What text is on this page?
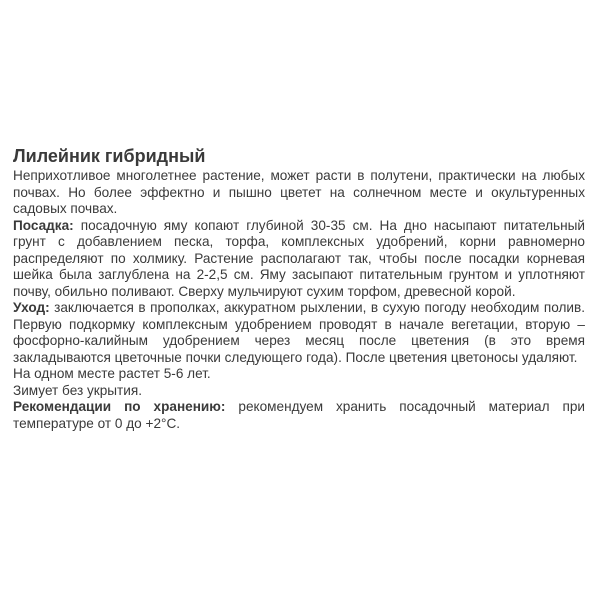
Лилейник гибридный

Неприхотливое многолетнее растение, может расти в полутени, практически на любых почвах. Но более эффектно и пышно цветет на солнечном месте и окультуренных садовых почвах.

Посадка: посадочную яму копают глубиной 30-35 см. На дно насыпают питательный грунт с добавлением песка, торфа, комплексных удобрений, корни равномерно распределяют по холмику. Растение располагают так, чтобы после посадки корневая шейка была заглублена на 2-2,5 см. Яму засыпают питательным грунтом и уплотняют почву, обильно поливают. Сверху мульчируют сухим торфом, древесной корой.

Уход: заключается в прополках, аккуратном рыхлении, в сухую погоду необходим полив. Первую подкормку комплексным удобрением проводят в начале вегетации, вторую – фосфорно-калийным удобрением через месяц после цветения (в это время закладываются цветочные почки следующего года). После цветения цветоносы удаляют.

На одном месте растет 5-6 лет.

Зимует без укрытия.

Рекомендации по хранению: рекомендуем хранить посадочный материал при температуре от 0 до +2°С.
